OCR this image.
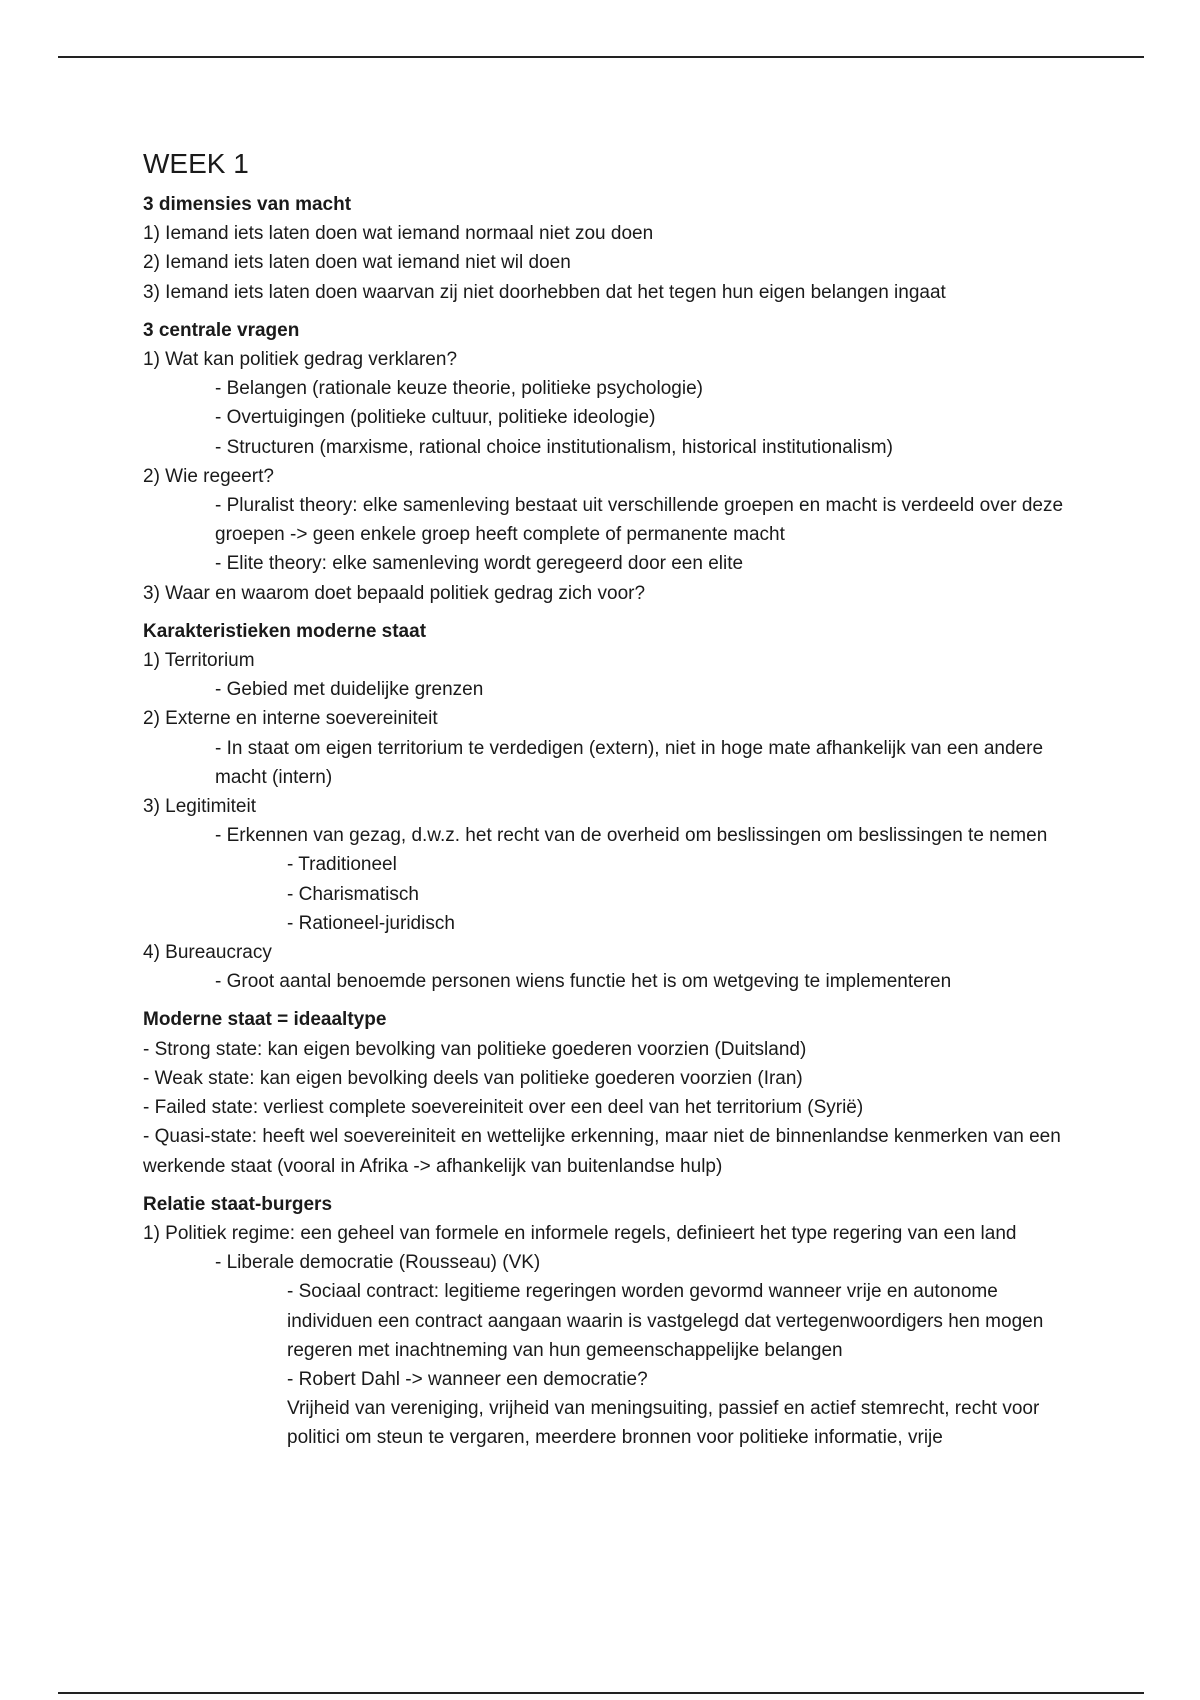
WEEK 1
3 dimensies van macht
1) Iemand iets laten doen wat iemand normaal niet zou doen
2) Iemand iets laten doen wat iemand niet wil doen
3) Iemand iets laten doen waarvan zij niet doorhebben dat het tegen hun eigen belangen ingaat
3 centrale vragen
1) Wat kan politiek gedrag verklaren?
- Belangen (rationale keuze theorie, politieke psychologie)
- Overtuigingen (politieke cultuur, politieke ideologie)
- Structuren (marxisme, rational choice institutionalism, historical institutionalism)
2) Wie regeert?
- Pluralist theory: elke samenleving bestaat uit verschillende groepen en macht is verdeeld over deze groepen -> geen enkele groep heeft complete of permanente macht
- Elite theory: elke samenleving wordt geregeerd door een elite
3) Waar en waarom doet bepaald politiek gedrag zich voor?
Karakteristieken moderne staat
1) Territorium
- Gebied met duidelijke grenzen
2) Externe en interne soevereiniteit
- In staat om eigen territorium te verdedigen (extern), niet in hoge mate afhankelijk van een andere macht (intern)
3) Legitimiteit
- Erkennen van gezag, d.w.z. het recht van de overheid om beslissingen om beslissingen te nemen
- Traditioneel
- Charismatisch
- Rationeel-juridisch
4) Bureaucracy
- Groot aantal benoemde personen wiens functie het is om wetgeving te implementeren
Moderne staat = ideaaltype
- Strong state: kan eigen bevolking van politieke goederen voorzien (Duitsland)
- Weak state: kan eigen bevolking deels van politieke goederen voorzien (Iran)
- Failed state: verliest complete soevereiniteit over een deel van het territorium (Syrië)
- Quasi-state: heeft wel soevereiniteit en wettelijke erkenning, maar niet de binnenlandse kenmerken van een werkende staat (vooral in Afrika -> afhankelijk van buitenlandse hulp)
Relatie staat-burgers
1) Politiek regime: een geheel van formele en informele regels, definieert het type regering van een land
- Liberale democratie (Rousseau) (VK)
- Sociaal contract: legitieme regeringen worden gevormd wanneer vrije en autonome individuen een contract aangaan waarin is vastgelegd dat vertegenwoordigers hen mogen regeren met inachtneming van hun gemeenschappelijke belangen
- Robert Dahl -> wanneer een democratie?
Vrijheid van vereniging, vrijheid van meningsuiting, passief en actief stemrecht, recht voor politici om steun te vergaren, meerdere bronnen voor politieke informatie, vrije
